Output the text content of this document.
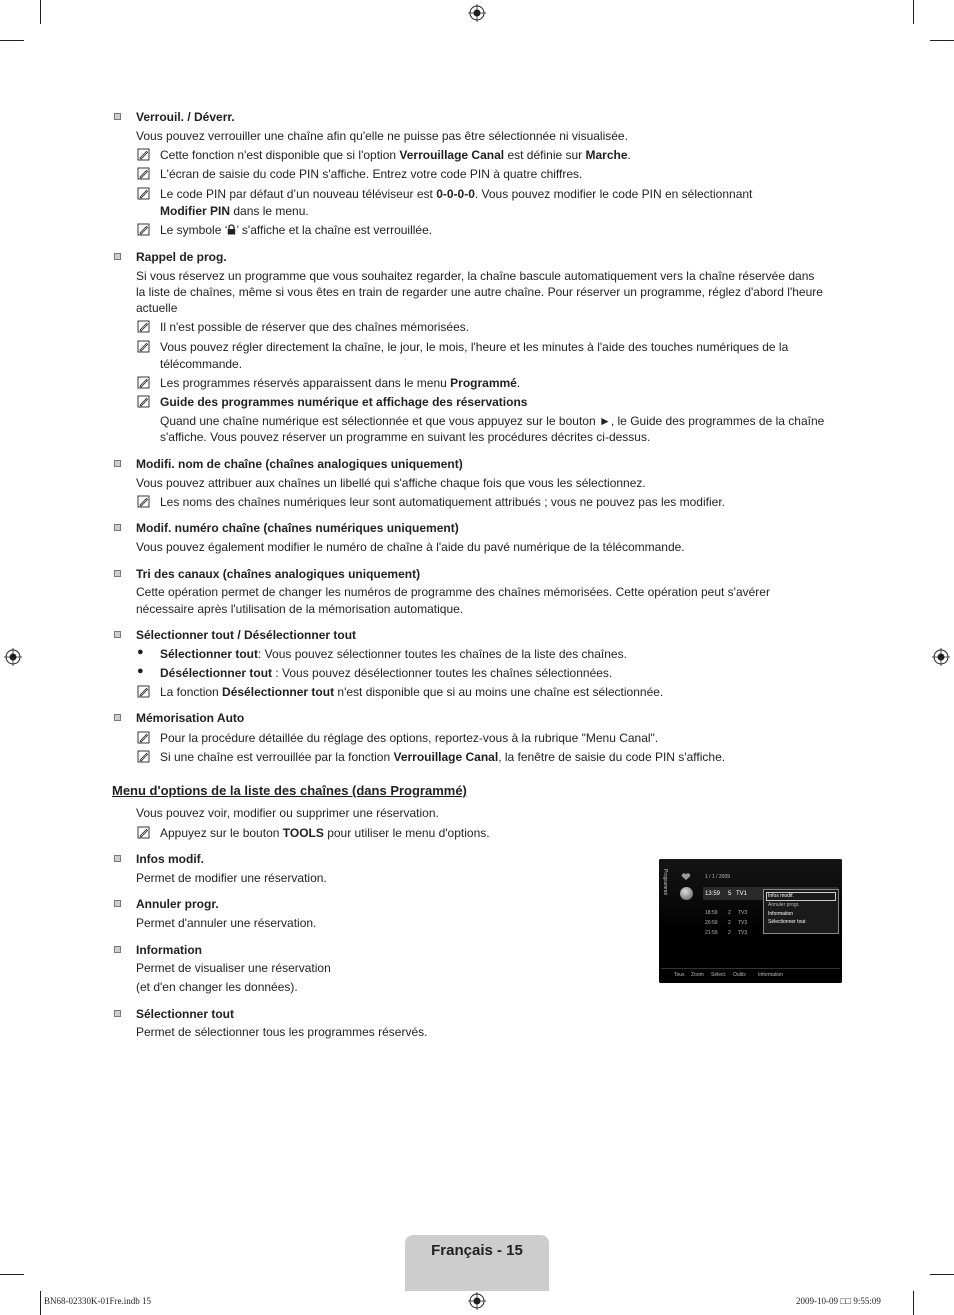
Verrouil. / Déverr.
Vous pouvez verrouiller une chaîne afin qu'elle ne puisse pas être sélectionnée ni visualisée.
Cette fonction n'est disponible que si l'option Verrouillage Canal est définie sur Marche.
L'écran de saisie du code PIN s'affiche. Entrez votre code PIN à quatre chiffres.
Le code PIN par défaut d’un nouveau téléviseur est 0-0-0-0. Vous pouvez modifier le code PIN en sélectionnant
Modifier PIN dans le menu.
Le symbole ‘ ’ s'affiche et la chaîne est verrouillée.
Rappel de prog.
Si vous réservez un programme que vous souhaitez regarder, la chaîne bascule automatiquement vers la chaîne réservée dans
la liste de chaînes, même si vous êtes en train de regarder une autre chaîne. Pour réserver un programme, réglez d'abord l'heure
actuelle
Il n'est possible de réserver que des chaînes mémorisées.
Vous pouvez régler directement la chaîne, le jour, le mois, l'heure et les minutes à l'aide des touches numériques de la
télécommande.
Les programmes réservés apparaissent dans le menu Programmé.
Guide des programmes numérique et affichage des réservations
Quand une chaîne numérique est sélectionnée et que vous appuyez sur le bouton ►, le Guide des programmes de la chaîne
s'affiche. Vous pouvez réserver un programme en suivant les procédures décrites ci-dessus.
Modifi. nom de chaîne (chaînes analogiques uniquement)
Vous pouvez attribuer aux chaînes un libellé qui s'affiche chaque fois que vous les sélectionnez.
Les noms des chaînes numériques leur sont automatiquement attribués ; vous ne pouvez pas les modifier.
Modif. numéro chaîne (chaînes numériques uniquement)
Vous pouvez également modifier le numéro de chaîne à l'aide du pavé numérique de la télécommande.
Tri des canaux (chaînes analogiques uniquement)
Cette opération permet de changer les numéros de programme des chaînes mémorisées. Cette opération peut s'avérer
nécessaire après l'utilisation de la mémorisation automatique.
Sélectionner tout / Désélectionner tout
● Sélectionner tout: Vous pouvez sélectionner toutes les chaînes de la liste des chaînes.
● Désélectionner tout : Vous pouvez désélectionner toutes les chaînes sélectionnées.
La fonction Désélectionner tout n'est disponible que si au moins une chaîne est sélectionnée.
Mémorisation Auto
Pour la procédure détaillée du réglage des options, reportez-vous à la rubrique "Menu Canal".
Si une chaîne est verrouillée par la fonction Verrouillage Canal, la fenêtre de saisie du code PIN s'affiche.
Menu d'options de la liste des chaînes (dans Programmé)
Vous pouvez voir, modifier ou supprimer une réservation.
Appuyez sur le bouton TOOLS pour utiliser le menu d'options.
Infos modif.
Permet de modifier une réservation.
Annuler progr.
Permet d'annuler une réservation.
Information
Permet de visualiser une réservation
(et d'en changer les données).
Sélectionner tout
Permet de sélectionner tous les programmes réservés.
Programmé	1 / 1 / 2009
13:59 5 TV1
18:59 2 TV3
20:59 2 TV3
21:59 2 TV3
Infos modif.
Annuler progr.
Information
Sélectionner tout
Tous Zoom Sélect. Outils Information
Français - 15
BN68-02330K-01Fre.indb 15	2009-10-09 □□ 9:55:09
